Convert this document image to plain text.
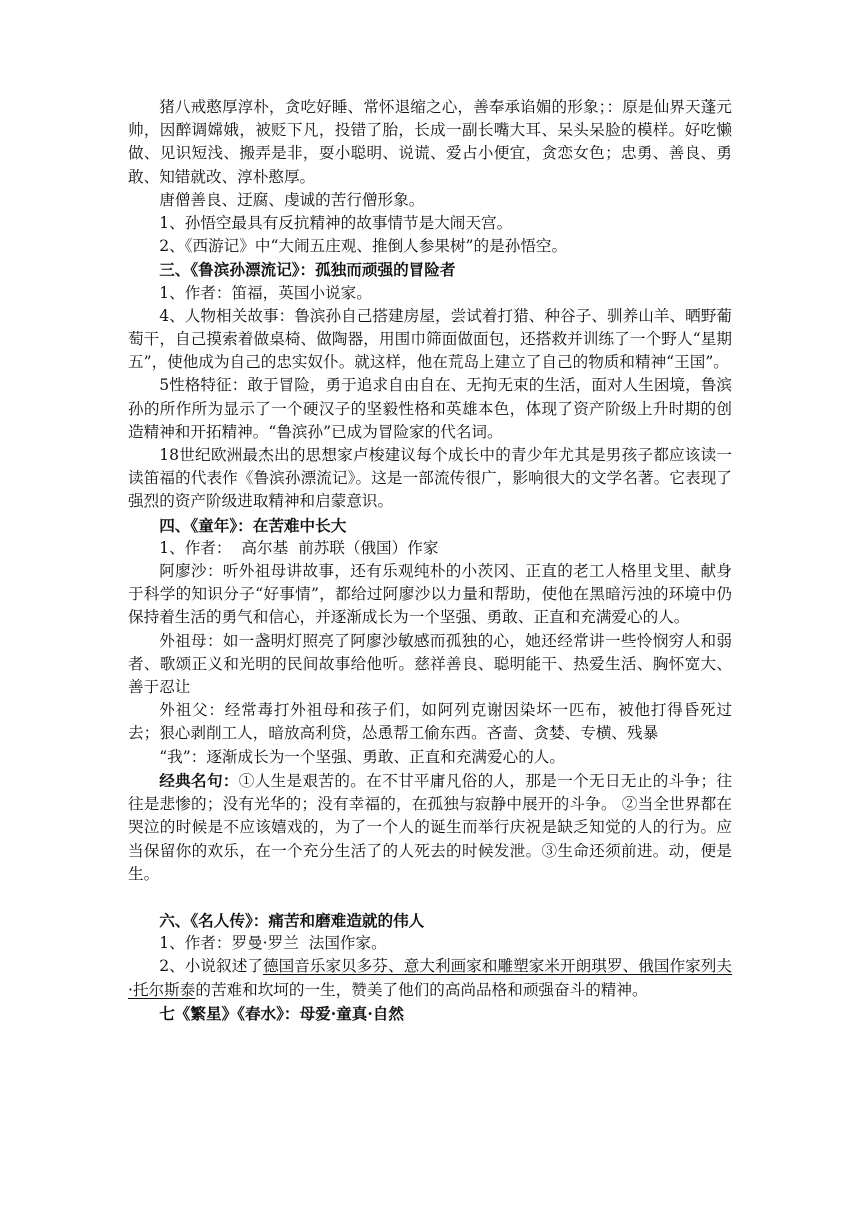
猪八戒憨厚淳朴，贪吃好睡、常怀退缩之心，善奉承谄媚的形象；：原是仙界天蓬元帅，因醉调嫦娥，被贬下凡，投错了胎，长成一副长嘴大耳、呆头呆脸的模样。好吃懒做、见识短浅、搬弄是非，耍小聪明、说谎、爱占小便宜，贪恋女色；忠勇、善良、勇敢、知错就改、淳朴憨厚。

唐僧善良、迂腐、虔诚的苦行僧形象。

1、孙悟空最具有反抗精神的故事情节是大闹天宫。

2、《西游记》中“大闹五庄观、推倒人参果树”的是孙悟空。

三、《鲁滨孙漂流记》：孤独而顽强的冒险者

1、作者：笛福，英国小说家。

4、人物相关故事：鲁滨孙自己搭建房屋，尝试着打猎、种谷子、驯养山羊、晒野葡萄干，自己摸索着做桌椅、做陶器，用围巾筛面做面包，还搭救并训练了一个野人“星期五”，使他成为自己的忠实奴仆。就这样，他在荒岛上建立了自己的物质和精神“王国”。

5性格特征：敢于冒险，勇于追求自由自在、无拘无束的生活，面对人生困境，鲁滨孙的所作所为显示了一个硬汉子的坚毅性格和英雄本色，体现了资产阶级上升时期的创造精神和开拓精神。“鲁滨孙”已成为冒险家的代名词。

18世纪欧洲最杰出的思想家卢梭建议每个成长中的青少年尤其是男孩子都应该读一读笛福的代表作《鲁滨孙漂流记》。这是一部流传很广，影响很大的文学名著。它表现了强烈的资产阶级进取精神和启蒙意识。

四、《童年》：在苦难中长大

1、作者：  高尔基  前苏联（俄国）作家

阿廖沙：听外祖母讲故事，还有乐观纯朴的小茨冈、正直的老工人格里戈里、献身于科学的知识分子“好事情”，都给过阿廖沙以力量和帮助，使他在黑暗污浊的环境中仍保持着生活的勇气和信心，并逐渐成长为一个坚强、勇敢、正直和充满爱心的人。

外祖母：如一盏明灯照亮了阿廖沙敏感而孤独的心，她还经常讲一些怜悯穷人和弱者、歌颂正义和光明的民间故事给他听。慈祥善良、聪明能干、热爱生活、胸怀宽大、善于忍让

外祖父：经常毒打外祖母和孩子们，如阿列克谢因染坏一匹布，被他打得昏死过去；狠心剥削工人，暗放高利贷，怂恿帮工偷东西。吝啬、贪婪、专横、残暴

“我”：逐渐成长为一个坚强、勇敢、正直和充满爱心的人。

经典名句：①人生是艰苦的。在不甘平庸凡俗的人，那是一个无日无止的斗争；往往是悲惨的；没有光华的；没有幸福的，在孤独与寂静中展开的斗争。 ②当全世界都在哭泣的时候是不应该嬉戏的，为了一个人的诞生而举行庆祝是缺乏知觉的人的行为。应当保留你的欢乐，在一个充分生活了的人死去的时候发泄。③生命还须前进。动，便是生。

六、《名人传》：痛苦和磨难造就的伟人

1、作者：罗曼·罗兰  法国作家。

2、小说叙述了德国音乐家贝多芬、意大利画家和雕塑家米开朗琪罗、俄国作家列夫·托尔斯泰的苦难和坎坷的一生，赞美了他们的高尚品格和顽强奋斗的精神。

七《繁星》《春水》：母爱·童真·自然
